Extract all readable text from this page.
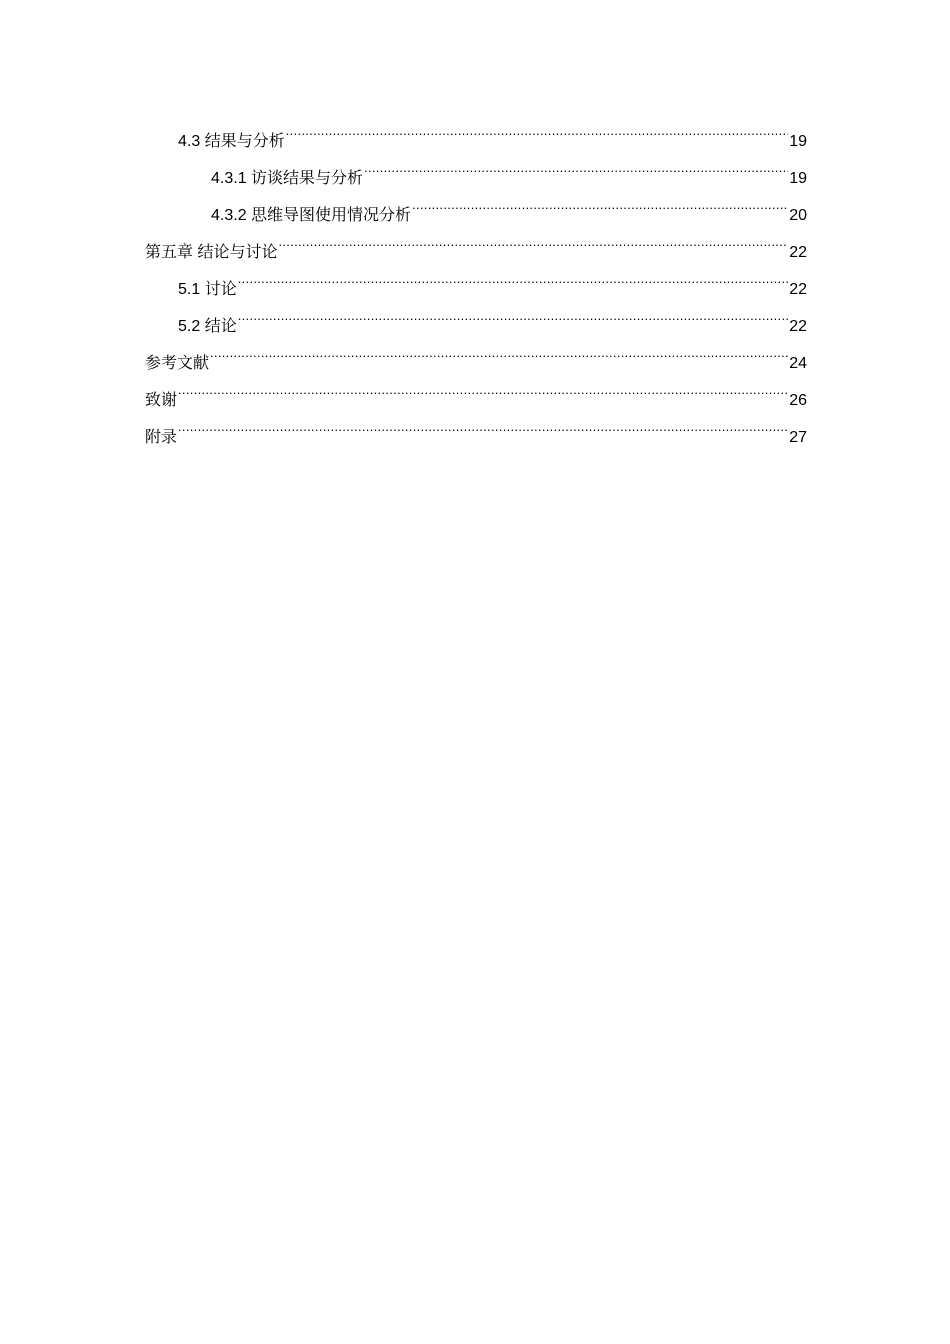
4.3 结果与分析 .....	19
4.3.1 访谈结果与分析 .....	19
4.3.2 思维导图使用情况分析 .....	20
第五章 结论与讨论 .....	22
5.1 讨论 .....	22
5.2 结论 .....	22
参考文献 .....	24
致谢 .....	26
附录 .....	27
